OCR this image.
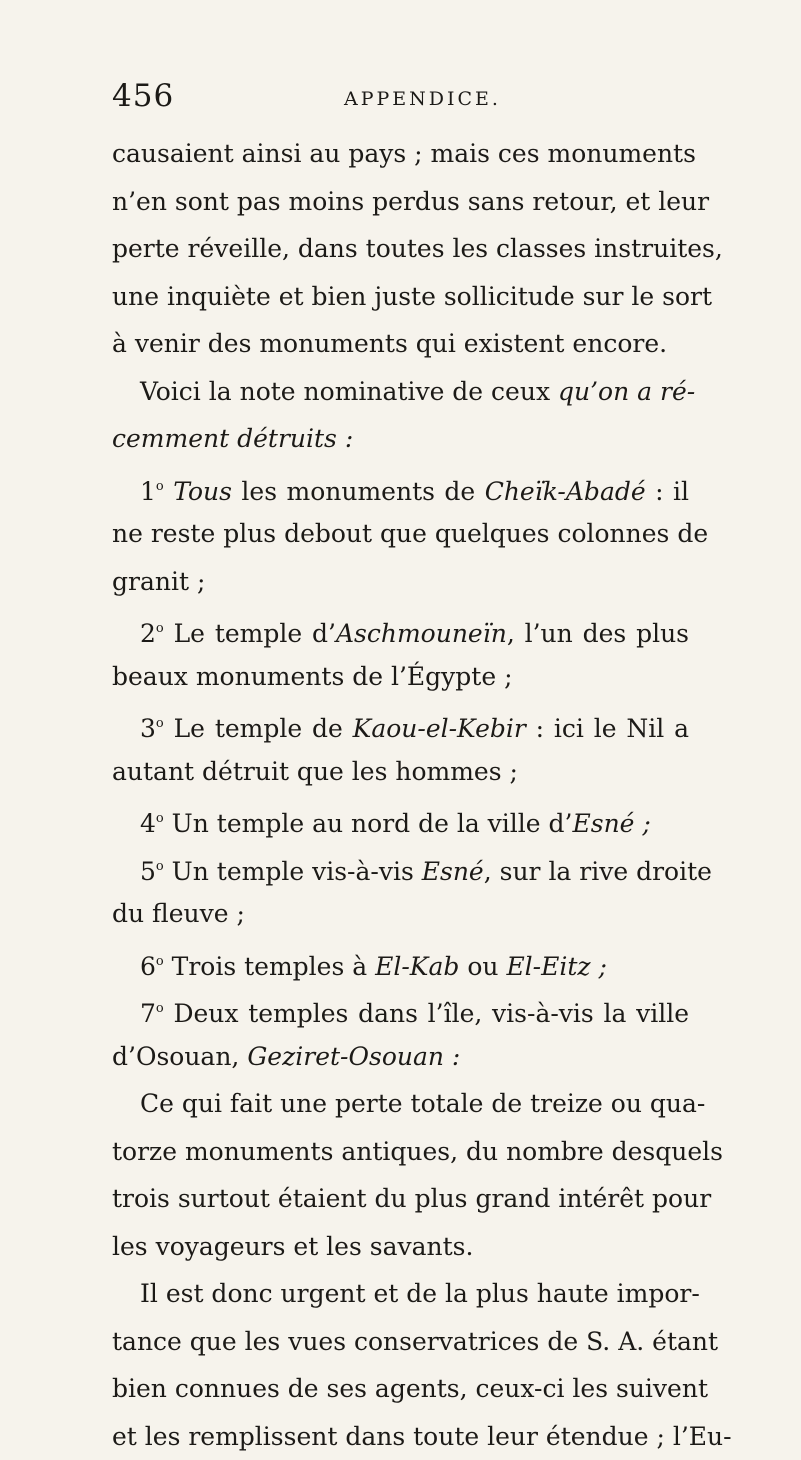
456	APPENDICE.
causaient ainsi au pays ; mais ces monuments
n’en sont pas moins perdus sans retour, et leur
perte réveille, dans toutes les classes instruites,
une inquiète et bien juste sollicitude sur le sort
à venir des monuments qui existent encore.
Voici la note nominative de ceux qu’on a ré-
cemment détruits :
1$^o$ Tous les monuments de Cheïk-Abadé : il
ne reste plus debout que quelques colonnes de
granit ;
2$^o$ Le temple d’Aschmouneïn, l’un des plus
beaux monuments de l’Égypte ;
3$^o$ Le temple de Kaou-el-Kebir : ici le Nil a
autant détruit que les hommes ;
4$^o$ Un temple au nord de la ville d’Esné ;
5$^o$ Un temple vis-à-vis Esné, sur la rive droite
du fleuve ;
6$^o$ Trois temples à El-Kab ou El-Eitz ;
7$^o$ Deux temples dans l’île, vis-à-vis la ville
d’Osouan, Geziret-Osouan :
Ce qui fait une perte totale de treize ou qua-
torze monuments antiques, du nombre desquels
trois surtout étaient du plus grand intérêt pour
les voyageurs et les savants.
Il est donc urgent et de la plus haute impor-
tance que les vues conservatrices de S. A. étant
bien connues de ses agents, ceux-ci les suivent
et les remplissent dans toute leur étendue ; l’Eu-
